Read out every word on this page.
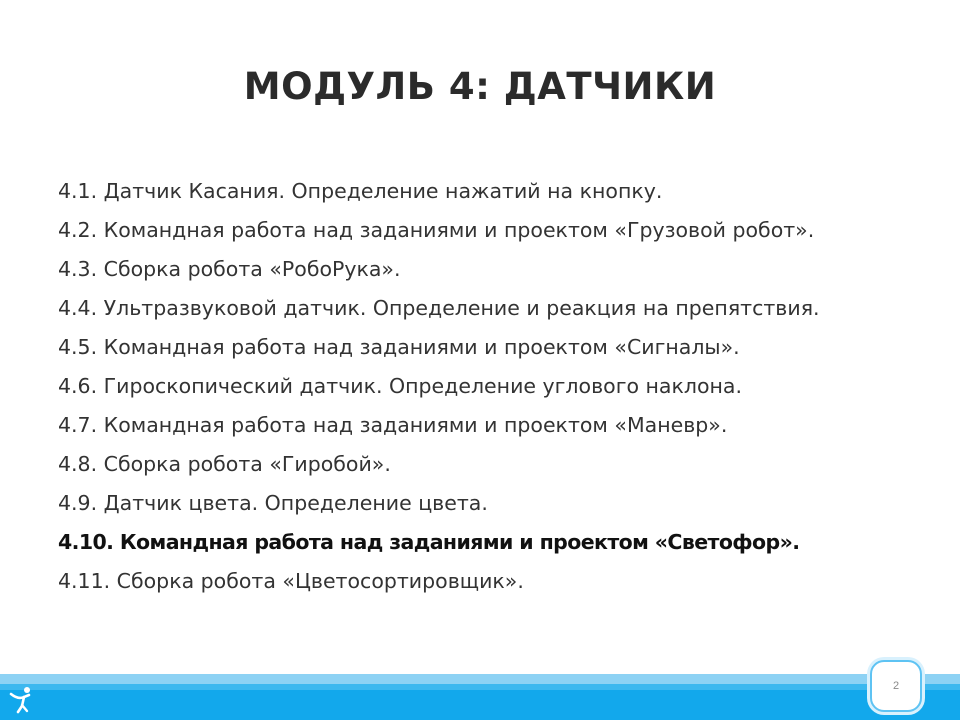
МОДУЛЬ 4: ДАТЧИКИ
4.1. Датчик Касания. Определение нажатий на кнопку.
4.2. Командная работа над заданиями и проектом «Грузовой робот».
4.3. Сборка робота «РобоРука».
4.4. Ультразвуковой датчик. Определение и реакция на препятствия.
4.5. Командная работа над заданиями и проектом «Сигналы».
4.6. Гироскопический датчик. Определение углового наклона.
4.7. Командная работа над заданиями и проектом «Маневр».
4.8. Сборка робота «Гиробой».
4.9. Датчик цвета. Определение цвета.
4.10. Командная работа над заданиями и проектом «Светофор».
4.11. Сборка робота «Цветосортировщик».
2
